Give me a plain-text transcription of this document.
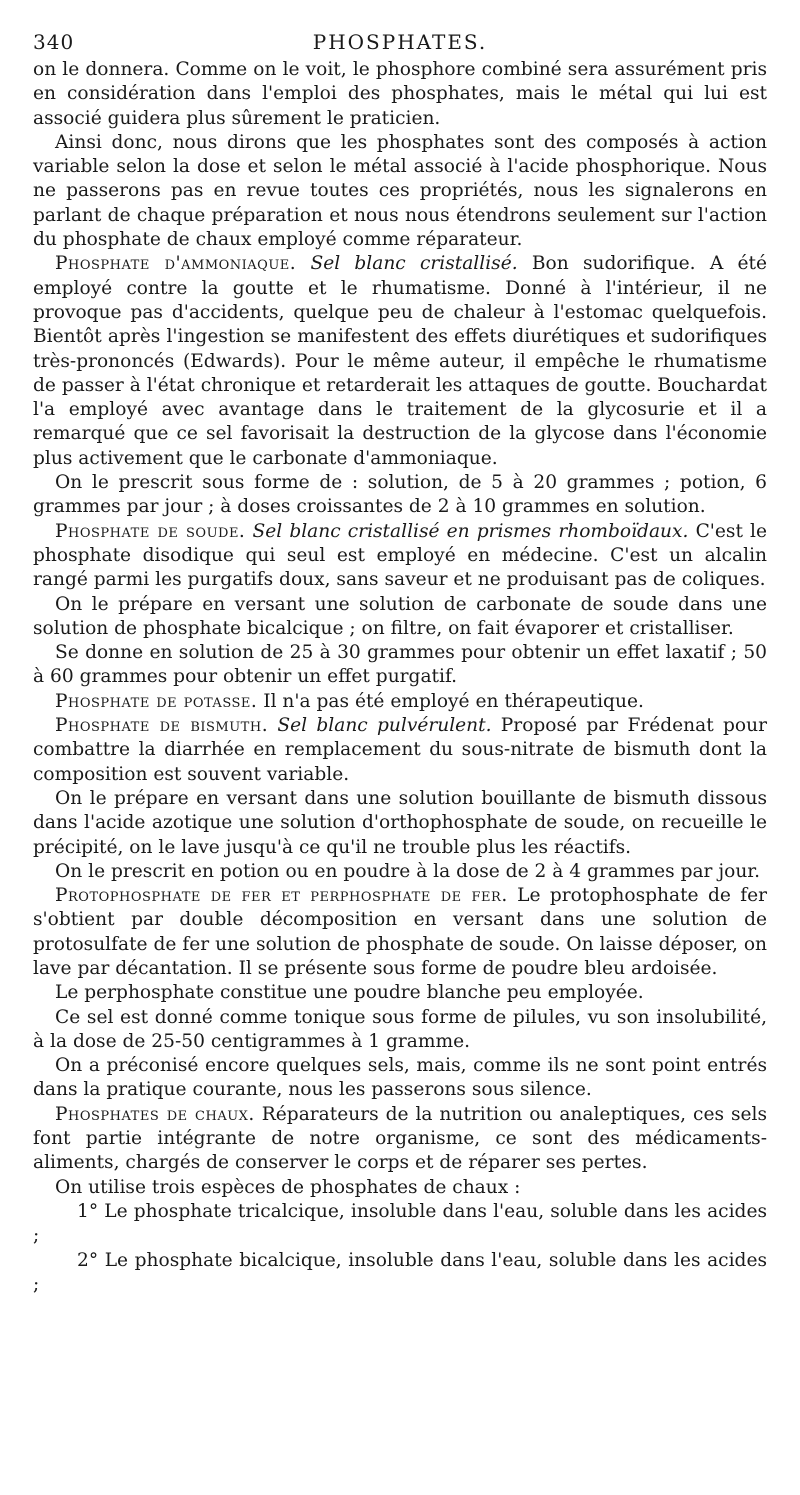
340	PHOSPHATES.

on le donnera. Comme on le voit, le phosphore combiné sera assurément pris en considération dans l'emploi des phosphates, mais le métal qui lui est associé guidera plus sûrement le praticien.

Ainsi donc, nous dirons que les phosphates sont des composés à action variable selon la dose et selon le métal associé à l'acide phosphorique. Nous ne passerons pas en revue toutes ces propriétés, nous les signalerons en parlant de chaque préparation et nous nous étendrons seulement sur l'action du phosphate de chaux employé comme réparateur.

Phosphate d'ammoniaque. Sel blanc cristallisé. Bon sudorifique. A été employé contre la goutte et le rhumatisme. Donné à l'intérieur, il ne provoque pas d'accidents, quelque peu de chaleur à l'estomac quelquefois. Bientôt après l'ingestion se manifestent des effets diurétiques et sudorifiques très-prononcés (Edwards). Pour le même auteur, il empêche le rhumatisme de passer à l'état chronique et retarderait les attaques de goutte. Bouchardat l'a employé avec avantage dans le traitement de la glycosurie et il a remarqué que ce sel favorisait la destruction de la glycose dans l'économie plus activement que le carbonate d'ammoniaque.

On le prescrit sous forme de : solution, de 5 à 20 grammes ; potion, 6 grammes par jour ; à doses croissantes de 2 à 10 grammes en solution.

Phosphate de soude. Sel blanc cristallisé en prismes rhomboïdaux. C'est le phosphate disodique qui seul est employé en médecine. C'est un alcalin rangé parmi les purgatifs doux, sans saveur et ne produisant pas de coliques.

On le prépare en versant une solution de carbonate de soude dans une solution de phosphate bicalcique ; on filtre, on fait évaporer et cristalliser.

Se donne en solution de 25 à 30 grammes pour obtenir un effet laxatif ; 50 à 60 grammes pour obtenir un effet purgatif.

Phosphate de potasse. Il n'a pas été employé en thérapeutique.

Phosphate de bismuth. Sel blanc pulvérulent. Proposé par Frédenat pour combattre la diarrhée en remplacement du sous-nitrate de bismuth dont la composition est souvent variable.

On le prépare en versant dans une solution bouillante de bismuth dissous dans l'acide azotique une solution d'orthophosphate de soude, on recueille le précipité, on le lave jusqu'à ce qu'il ne trouble plus les réactifs.

On le prescrit en potion ou en poudre à la dose de 2 à 4 grammes par jour.

Protophosphate de fer et perphosphate de fer. Le protophosphate de fer s'obtient par double décomposition en versant dans une solution de protosulfate de fer une solution de phosphate de soude. On laisse déposer, on lave par décantation. Il se présente sous forme de poudre bleu ardoisée.

Le perphosphate constitue une poudre blanche peu employée.

Ce sel est donné comme tonique sous forme de pilules, vu son insolubilité, à la dose de 25-50 centigrammes à 1 gramme.

On a préconisé encore quelques sels, mais, comme ils ne sont point entrés dans la pratique courante, nous les passerons sous silence.

Phosphates de chaux. Réparateurs de la nutrition ou analeptiques, ces sels font partie intégrante de notre organisme, ce sont des médicaments-aliments, chargés de conserver le corps et de réparer ses pertes.

On utilise trois espèces de phosphates de chaux :

1° Le phosphate tricalcique, insoluble dans l'eau, soluble dans les acides ;

2° Le phosphate bicalcique, insoluble dans l'eau, soluble dans les acides ;
